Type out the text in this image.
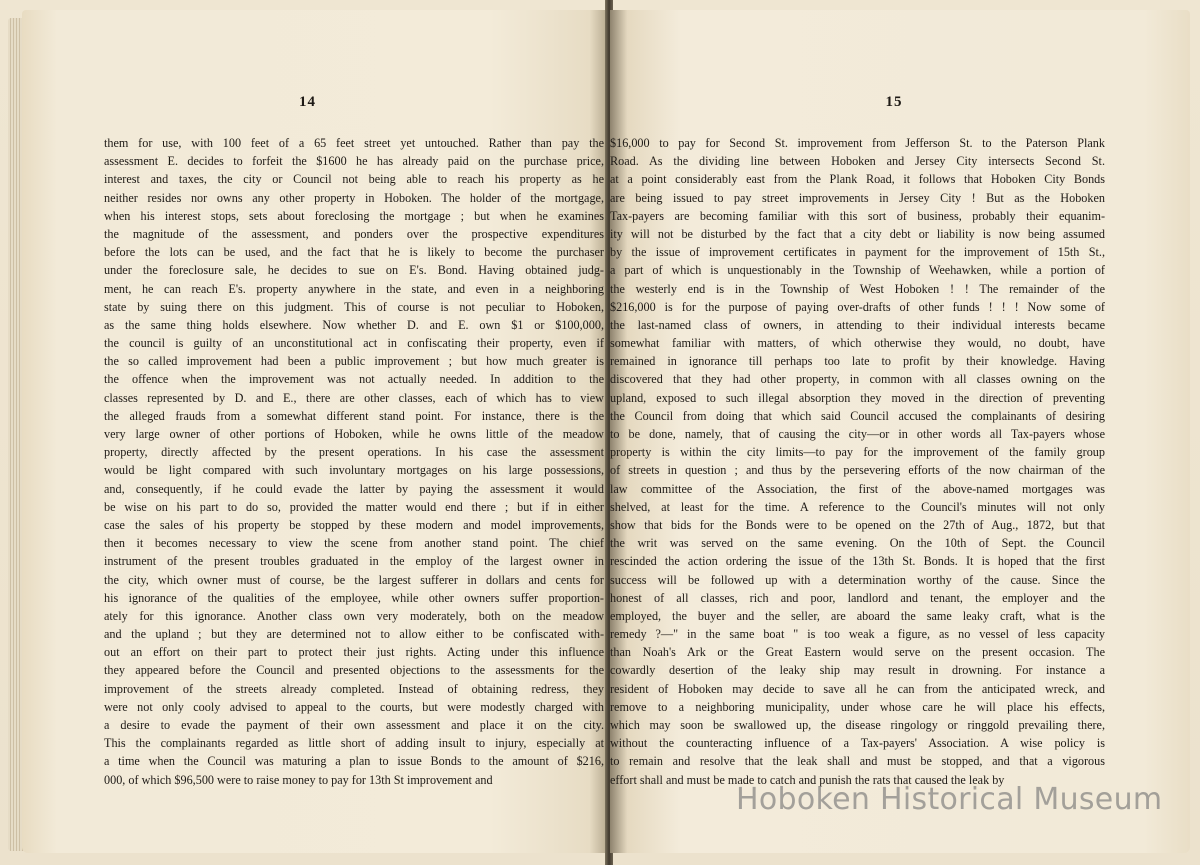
14
them for use, with 100 feet of a 65 feet street yet untouched. Rather than pay the
assessment E. decides to forfeit the $1600 he has already paid on the purchase price,
interest and taxes, the city or Council not being able to reach his property as he
neither resides nor owns any other property in Hoboken. The holder of the mortgage,
when his interest stops, sets about foreclosing the mortgage ; but when he examines
the magnitude of the assessment, and ponders over the prospective expenditures
before the lots can be used, and the fact that he is likely to become the purchaser
under the foreclosure sale, he decides to sue on E's. Bond. Having obtained judg-
ment, he can reach E's. property anywhere in the state, and even in a neighboring
state by suing there on this judgment. This of course is not peculiar to Hoboken,
as the same thing holds elsewhere. Now whether D. and E. own $1 or $100,000,
the council is guilty of an unconstitutional act in confiscating their property, even if
the so called improvement had been a public improvement ; but how much greater is
the offence when the improvement was not actually needed. In addition to the
classes represented by D. and E., there are other classes, each of which has to view
the alleged frauds from a somewhat different stand point. For instance, there is the
very large owner of other portions of Hoboken, while he owns little of the meadow
property, directly affected by the present operations. In his case the assessment
would be light compared with such involuntary mortgages on his large possessions,
and, consequently, if he could evade the latter by paying the assessment it would
be wise on his part to do so, provided the matter would end there ; but if in either
case the sales of his property be stopped by these modern and model improvements,
then it becomes necessary to view the scene from another stand point. The chief
instrument of the present troubles graduated in the employ of the largest owner in
the city, which owner must of course, be the largest sufferer in dollars and cents for
his ignorance of the qualities of the employee, while other owners suffer proportion-
ately for this ignorance. Another class own very moderately, both on the meadow
and the upland ; but they are determined not to allow either to be confiscated with-
out an effort on their part to protect their just rights. Acting under this influence
they appeared before the Council and presented objections to the assessments for the
improvement of the streets already completed. Instead of obtaining redress, they
were not only cooly advised to appeal to the courts, but were modestly charged with
a desire to evade the payment of their own assessment and place it on the city.
This the complainants regarded as little short of adding insult to injury, especially at
a time when the Council was maturing a plan to issue Bonds to the amount of $216,
000, of which $96,500 were to raise money to pay for 13th St improvement and
15
$16,000 to pay for Second St. improvement from Jefferson St. to the Paterson Plank
Road. As the dividing line between Hoboken and Jersey City intersects Second St.
at a point considerably east from the Plank Road, it follows that Hoboken City Bonds
are being issued to pay street improvements in Jersey City ! But as the Hoboken
Tax-payers are becoming familiar with this sort of business, probably their equanim-
ity will not be disturbed by the fact that a city debt or liability is now being assumed
by the issue of improvement certificates in payment for the improvement of 15th St.,
a part of which is unquestionably in the Township of Weehawken, while a portion of
the westerly end is in the Township of West Hoboken ! ! The remainder of the
$216,000 is for the purpose of paying over-drafts of other funds ! ! ! Now some of
the last-named class of owners, in attending to their individual interests became
somewhat familiar with matters, of which otherwise they would, no doubt, have
remained in ignorance till perhaps too late to profit by their knowledge. Having
discovered that they had other property, in common with all classes owning on the
upland, exposed to such illegal absorption they moved in the direction of preventing
the Council from doing that which said Council accused the complainants of desiring
to be done, namely, that of causing the city—or in other words all Tax-payers whose
property is within the city limits—to pay for the improvement of the family group
of streets in question ; and thus by the persevering efforts of the now chairman of the
law committee of the Association, the first of the above-named mortgages was
shelved, at least for the time. A reference to the Council's minutes will not only
show that bids for the Bonds were to be opened on the 27th of Aug., 1872, but that
the writ was served on the same evening. On the 10th of Sept. the Council
rescinded the action ordering the issue of the 13th St. Bonds. It is hoped that the first
success will be followed up with a determination worthy of the cause. Since the
honest of all classes, rich and poor, landlord and tenant, the employer and the
employed, the buyer and the seller, are aboard the same leaky craft, what is the
remedy ?—" in the same boat " is too weak a figure, as no vessel of less capacity
than Noah's Ark or the Great Eastern would serve on the present occasion. The
cowardly desertion of the leaky ship may result in drowning. For instance a
resident of Hoboken may decide to save all he can from the anticipated wreck, and
remove to a neighboring municipality, under whose care he will place his effects,
which may soon be swallowed up, the disease ringology or ringgold prevailing there,
without the counteracting influence of a Tax-payers' Association. A wise policy is
to remain and resolve that the leak shall and must be stopped, and that a vigorous
effort shall and must be made to catch and punish the rats that caused the leak by
Hoboken Historical Museum
